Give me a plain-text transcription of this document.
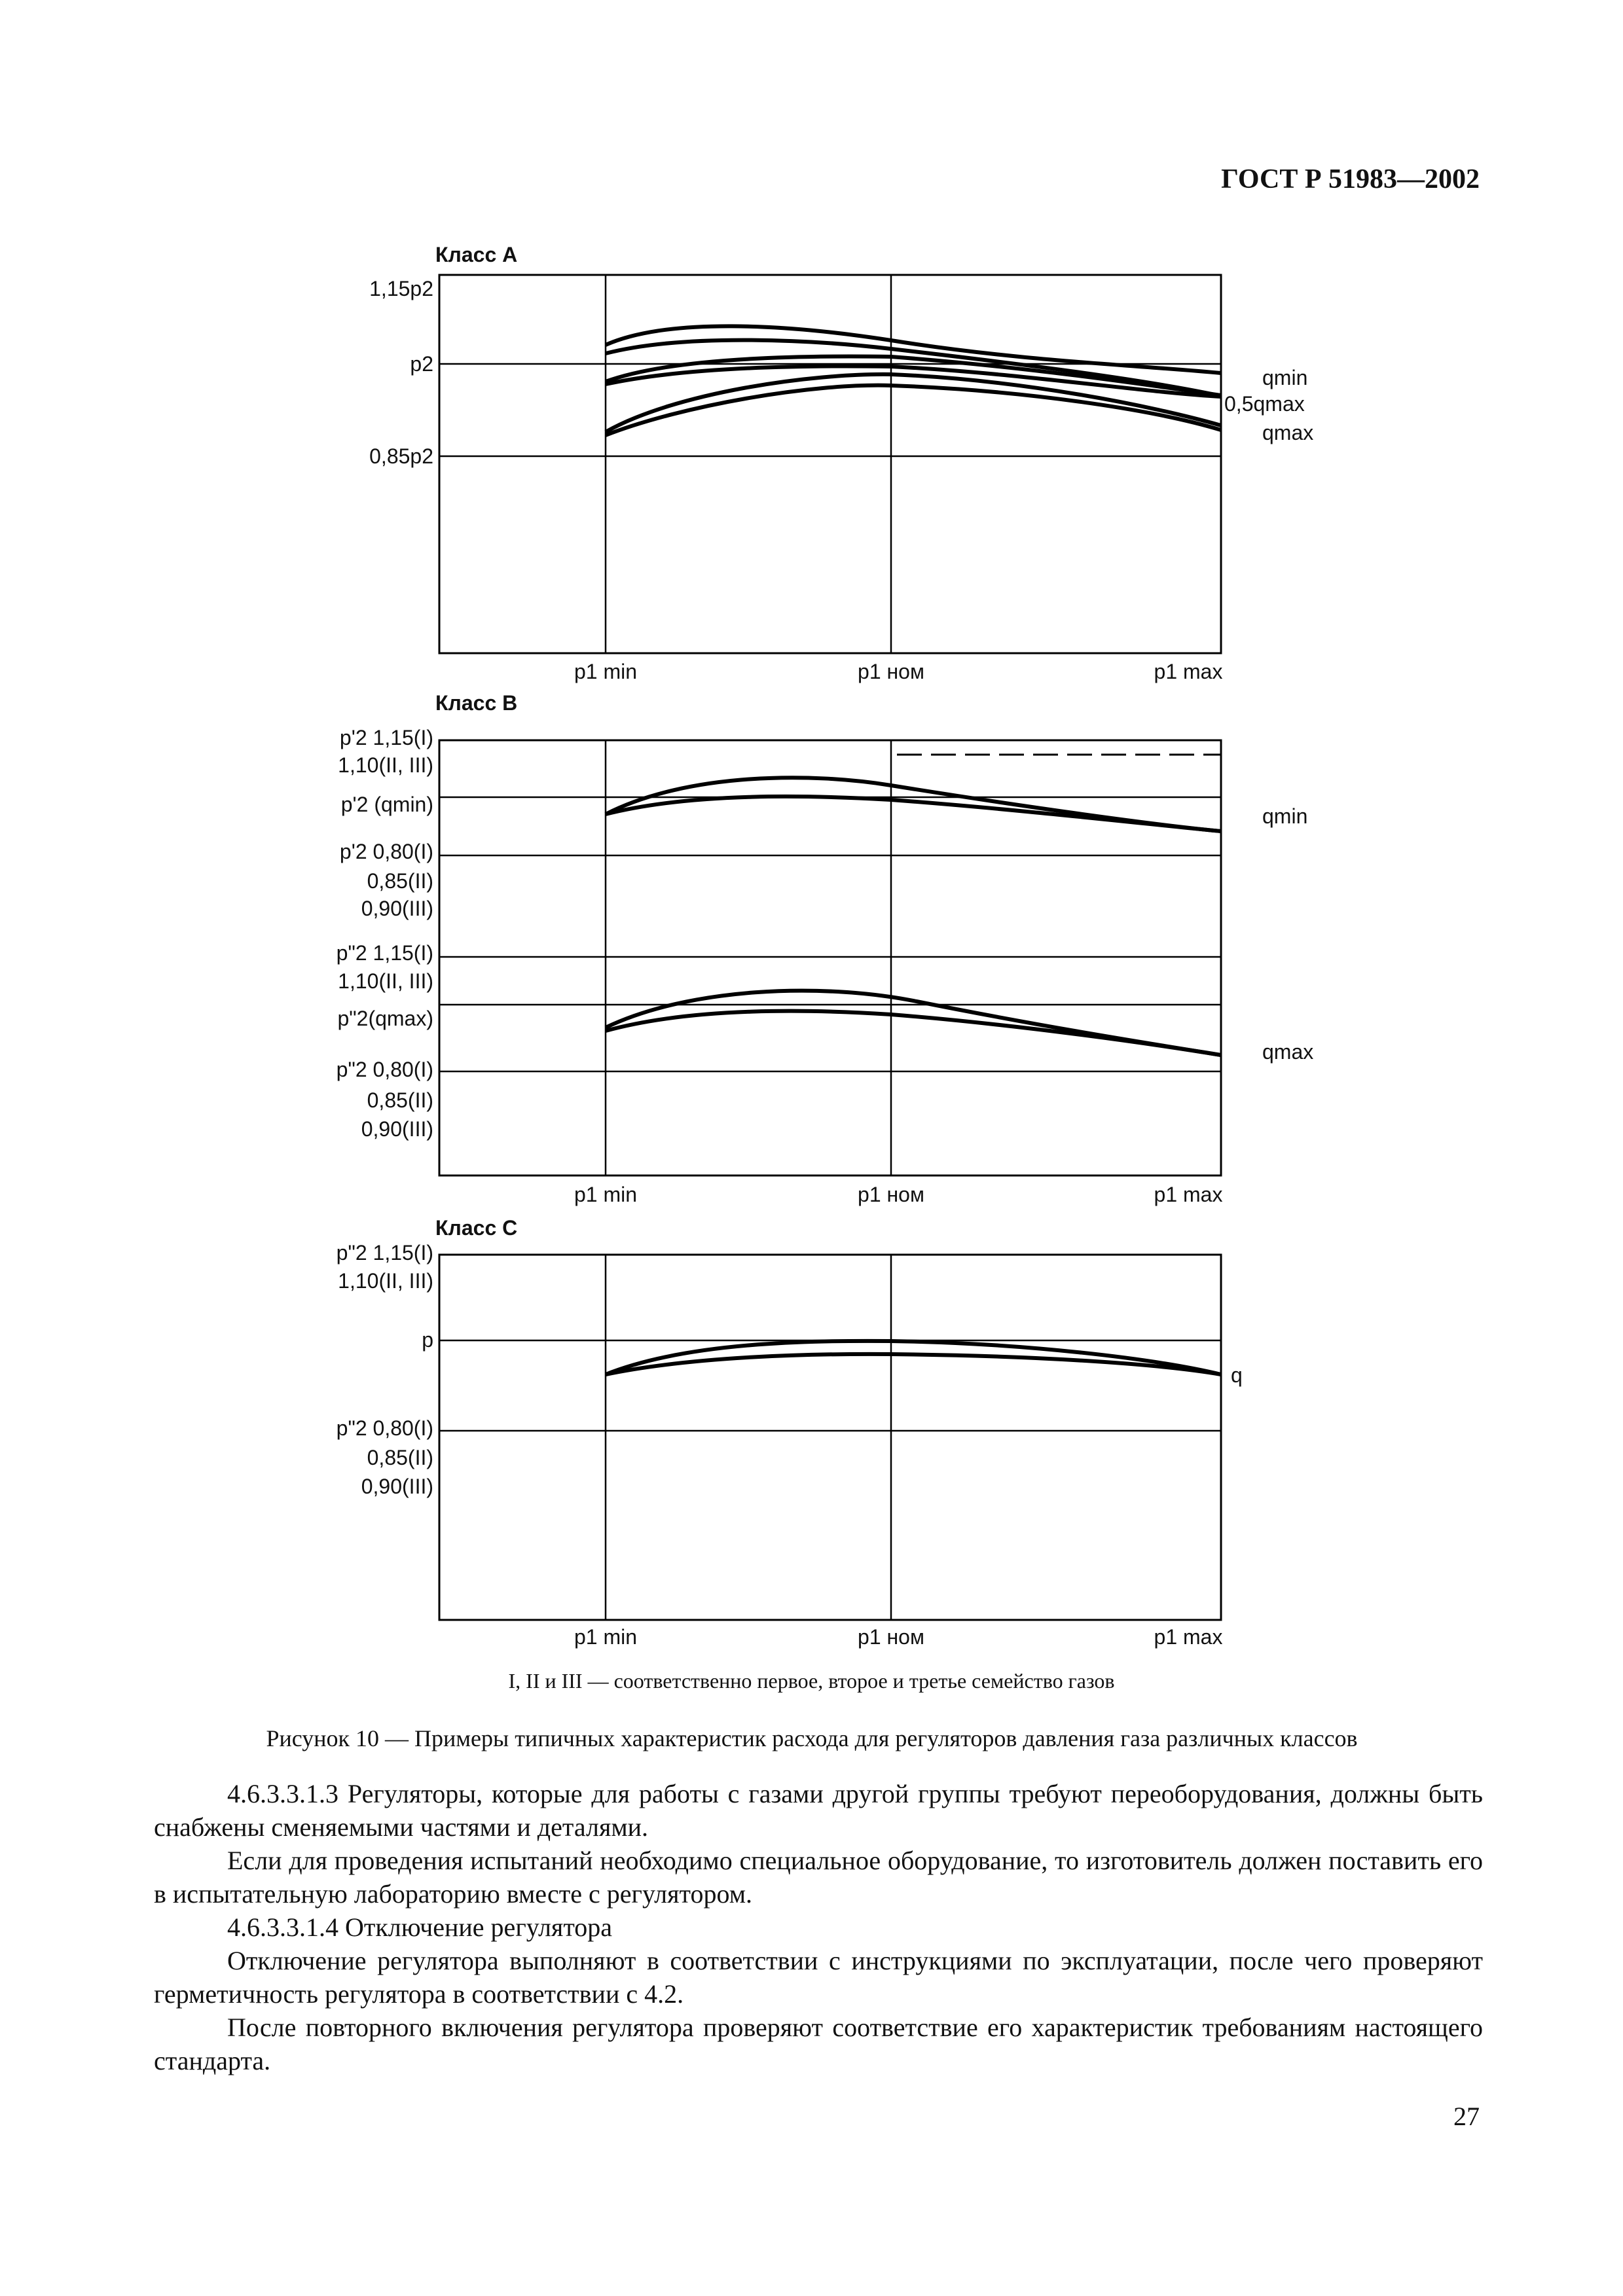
ГОСТ Р 51983—2002
Класс А
1,15p2
p2
0,85p2
qmin
0,5qmax
qmax
p1 min	p1 ном	p1 max
Класс В
p'2 1,15(I)
1,10(II, III)
p'2 (qmin)
p'2 0,80(I)
0,85(II)
0,90(III)
p"2 1,15(I)
1,10(II, III)
p"2(qmax)
p"2 0,80(I)
0,85(II)
0,90(III)
qmin
qmax
p1 min	p1 ном	p1 max
Класс С
p"2 1,15(I)
1,10(II, III)
p
p"2 0,80(I)
0,85(II)
0,90(III)
q
p1 min	p1 ном	p1 max
I, II и III — соответственно первое, второе и третье семейство газов
Рисунок 10 — Примеры типичных характеристик расхода для регуляторов давления газа различных классов

4.6.3.3.1.3 Регуляторы, которые для работы с газами другой группы требуют переоборудования, должны быть снабжены сменяемыми частями и деталями.

Если для проведения испытаний необходимо специальное оборудование, то изготовитель должен поставить его в испытательную лабораторию вместе с регулятором.

4.6.3.3.1.4 Отключение регулятора

Отключение регулятора выполняют в соответствии с инструкциями по эксплуатации, после чего проверяют герметичность регулятора в соответствии с 4.2.

После повторного включения регулятора проверяют соответствие его характеристик требованиям настоящего стандарта.

27
